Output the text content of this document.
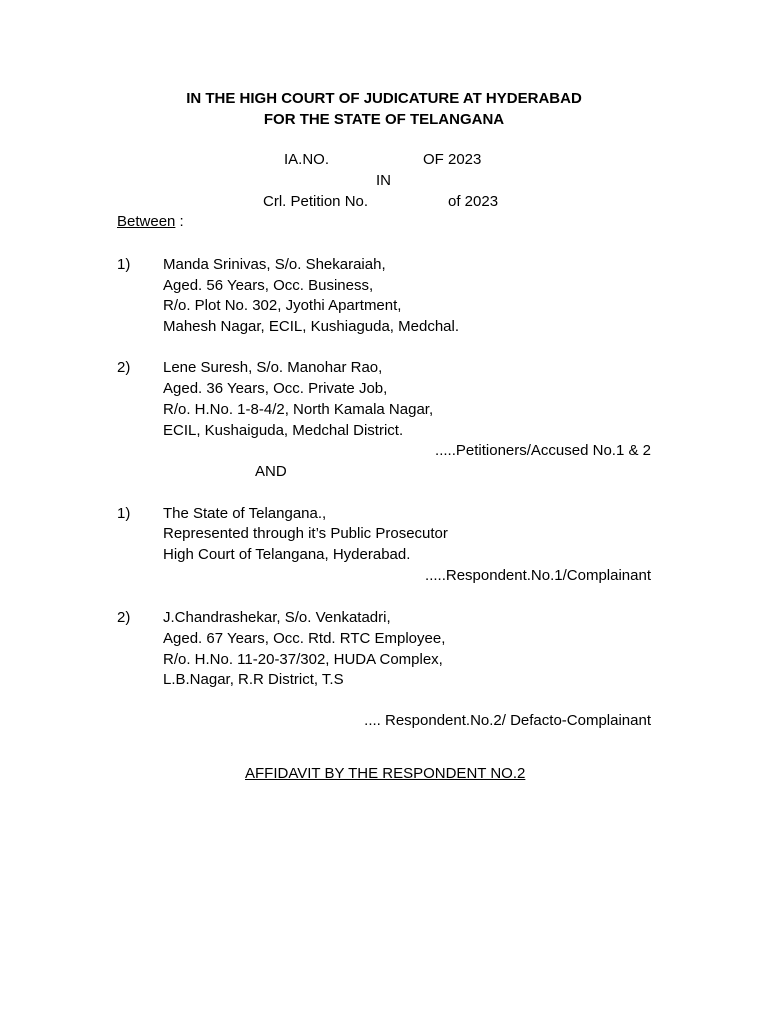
IN THE HIGH COURT OF JUDICATURE AT HYDERABAD
FOR THE STATE OF TELANGANA
IA.NO.	OF 2023
IN
Crl. Petition No.	of 2023
Between :
1) Manda Srinivas, S/o. Shekaraiah,
Aged. 56 Years, Occ. Business,
R/o. Plot No. 302, Jyothi Apartment,
Mahesh Nagar, ECIL, Kushiaguda, Medchal.
2) Lene Suresh, S/o. Manohar Rao,
Aged. 36 Years, Occ. Private Job,
R/o. H.No. 1-8-4/2, North Kamala Nagar,
ECIL, Kushaiguda, Medchal District.
.....Petitioners/Accused No.1 & 2
AND
1) The State of Telangana.,
Represented through it’s Public Prosecutor
High Court of Telangana, Hyderabad.
.....Respondent.No.1/Complainant
2) J.Chandrashekar, S/o. Venkatadri,
Aged. 67 Years, Occ. Rtd. RTC Employee,
R/o. H.No. 11-20-37/302, HUDA Complex,
L.B.Nagar, R.R District, T.S
.... Respondent.No.2/ Defacto-Complainant
AFFIDAVIT BY THE RESPONDENT NO.2
